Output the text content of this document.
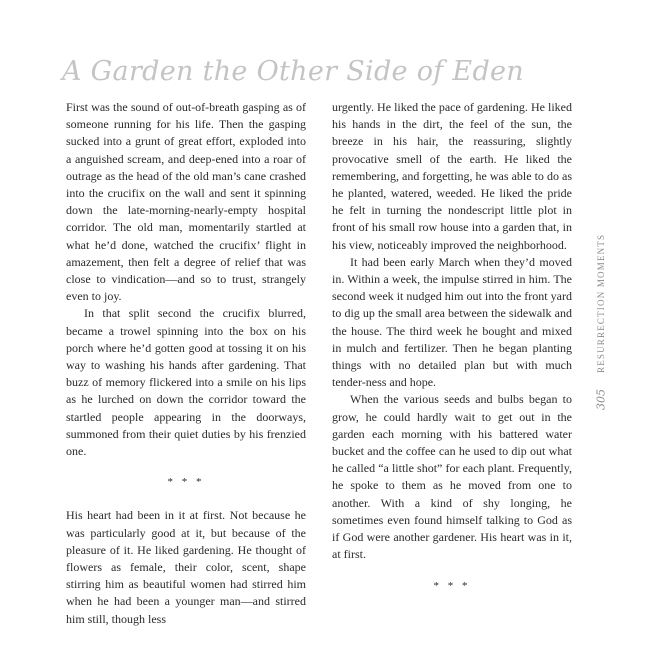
A Garden the Other Side of Eden

First was the sound of out-of-breath gasping as of someone running for his life. Then the gasping sucked into a grunt of great effort, exploded into a anguished scream, and deep-ened into a roar of outrage as the head of the old man’s cane crashed into the crucifix on the wall and sent it spinning down the late-morning-nearly-empty hospital corridor. The old man, momentarily startled at what he’d done, watched the crucifix’ flight in amazement, then felt a degree of relief that was close to vindication—and so to trust, strangely even to joy.

In that split second the crucifix blurred, became a trowel spinning into the box on his porch where he’d gotten good at tossing it on his way to washing his hands after gardening. That buzz of memory flickered into a smile on his lips as he lurched on down the corridor toward the startled people appearing in the doorways, summoned from their quiet duties by his frenzied one.

* * *

His heart had been in it at first. Not because he was particularly good at it, but because of the pleasure of it. He liked gardening. He thought of flowers as female, their color, scent, shape stirring him as beautiful women had stirred him when he had been a younger man—and stirred him still, though less

urgently. He liked the pace of gardening. He liked his hands in the dirt, the feel of the sun, the breeze in his hair, the reassuring, slightly provocative smell of the earth. He liked the remembering, and forgetting, he was able to do as he planted, watered, weeded. He liked the pride he felt in turning the nondescript little plot in front of his small row house into a garden that, in his view, noticeably improved the neighborhood.

It had been early March when they’d moved in. Within a week, the impulse stirred in him. The second week it nudged him out into the front yard to dig up the small area between the sidewalk and the house. The third week he bought and mixed in mulch and fertilizer. Then he began planting things with no detailed plan but with much tender-ness and hope.

When the various seeds and bulbs began to grow, he could hardly wait to get out in the garden each morning with his battered water bucket and the coffee can he used to dip out what he called “a little shot” for each plant. Frequently, he spoke to them as he moved from one to another. With a kind of shy longing, he sometimes even found himself talking to God as if God were another gardener. His heart was in it, at first.

* * *
305
RESURRECTION MOMENTS
